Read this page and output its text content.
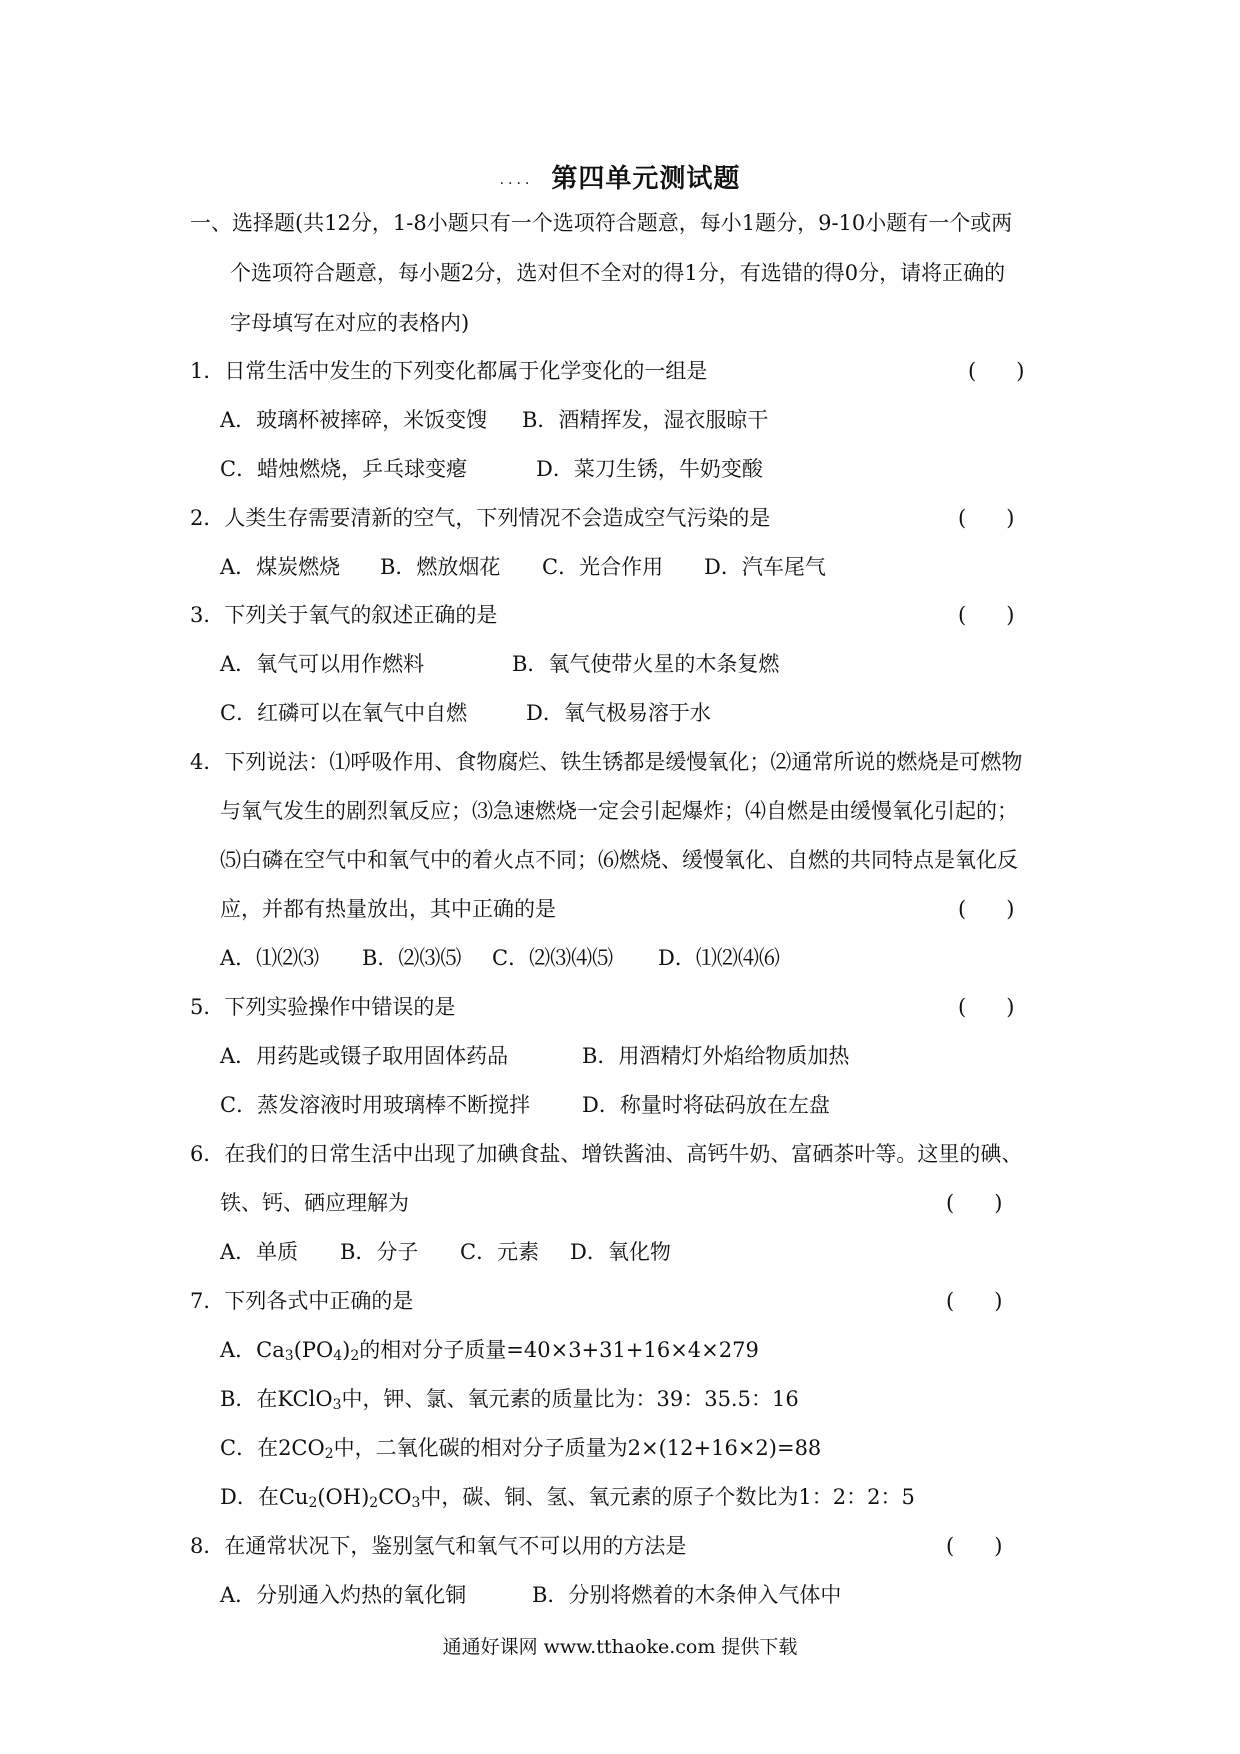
.... 第四单元测试题
一、选择题(共12分，1-8小题只有一个选项符合题意，每小1题分，9-10小题有一个或两
个选项符合题意，每小题2分，选对但不全对的得1分，有选错的得0分，请将正确的
字母填写在对应的表格内)
1．日常生活中发生的下列变化都属于化学变化的一组是	(      )
A．玻璃杯被摔碎，米饭变馊 B．酒精挥发，湿衣服晾干
C．蜡烛燃烧，乒乓球变瘪	D．菜刀生锈，牛奶变酸
2．人类生存需要清新的空气，下列情况不会造成空气污染的是	(      )
A．煤炭燃烧 B．燃放烟花 C．光合作用 D．汽车尾气
3．下列关于氧气的叙述正确的是	(      )
A．氧气可以用作燃料	B．氧气使带火星的木条复燃
C．红磷可以在氧气中自燃	D．氧气极易溶于水
4．下列说法：⑴呼吸作用、食物腐烂、铁生锈都是缓慢氧化；⑵通常所说的燃烧是可燃物
与氧气发生的剧烈氧反应；⑶急速燃烧一定会引起爆炸；⑷自燃是由缓慢氧化引起的；
⑸白磷在空气中和氧气中的着火点不同；⑹燃烧、缓慢氧化、自燃的共同特点是氧化反
应，并都有热量放出，其中正确的是	(      )
A．⑴⑵⑶ B．⑵⑶⑸ C．⑵⑶⑷⑸ D．⑴⑵⑷⑹
5．下列实验操作中错误的是	(      )
A．用药匙或镊子取用固体药品	B．用酒精灯外焰给物质加热
C．蒸发溶液时用玻璃棒不断搅拌 D．称量时将砝码放在左盘
6．在我们的日常生活中出现了加碘食盐、增铁酱油、高钙牛奶、富硒茶叶等。这里的碘、
铁、钙、硒应理解为	(      )
A．单质 B．分子 C．元素 D．氧化物
7．下列各式中正确的是	(      )
A．$Ca_3(PO_4)_2$的相对分子质量=40×3+31+16×4×279
B．在KClO$_3$中，钾、氯、氧元素的质量比为：39：35.5：16
C．在$2CO_2$中，二氧化碳的相对分子质量为2×(12+16×2)=88
D．在$Cu_2(OH)_2CO_3$中，碳、铜、氢、氧元素的原子个数比为1：2：2：5
8．在通常状况下，鉴别氢气和氧气不可以用的方法是	(      )
A．分别通入灼热的氧化铜	B．分别将燃着的木条伸入气体中
通通好课网 www.tthaoke.com 提供下载
